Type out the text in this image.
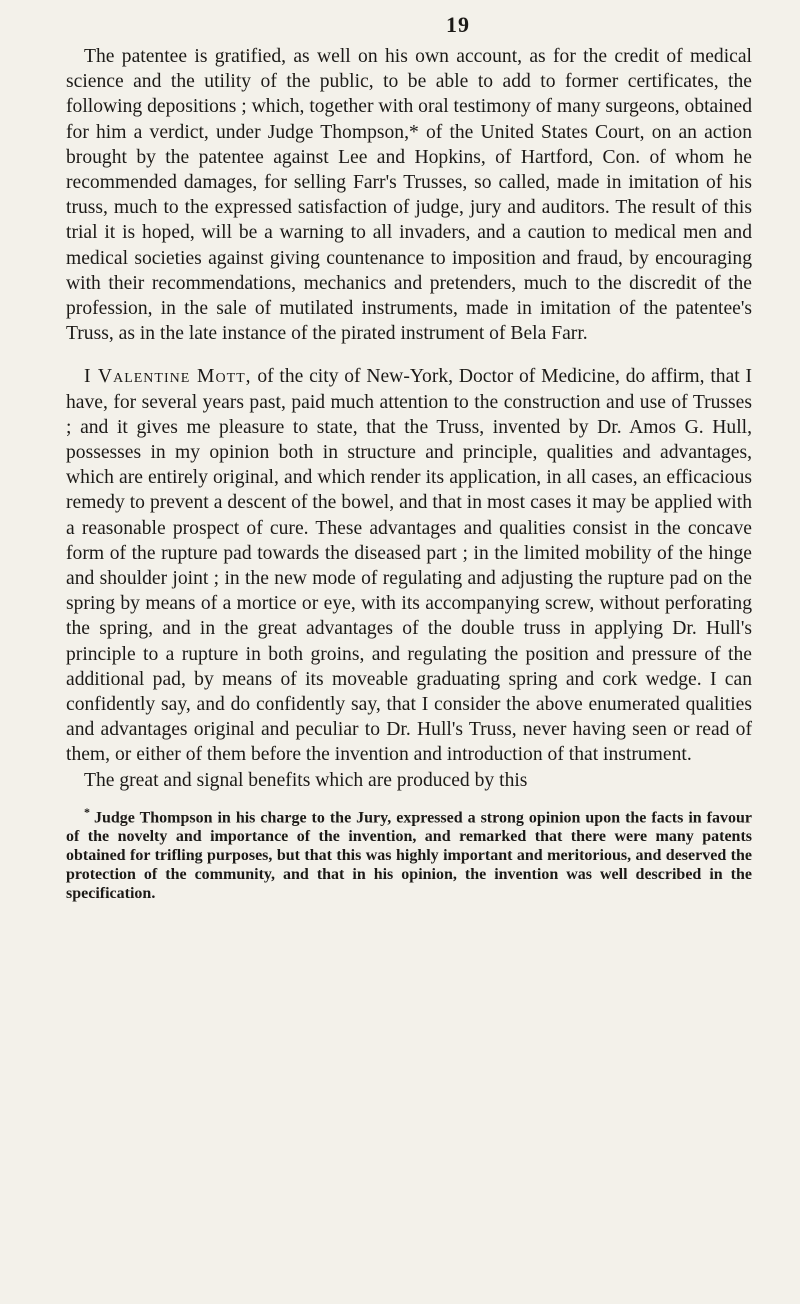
19

The patentee is gratified, as well on his own account, as for the credit of medical science and the utility of the public, to be able to add to former certificates, the following depositions ; which, together with oral testimony of many surgeons, obtained for him a verdict, under Judge Thompson,* of the United States Court, on an action brought by the patentee against Lee and Hopkins, of Hartford, Con. of whom he recommended damages, for selling Farr's Trusses, so called, made in imitation of his truss, much to the expressed satisfaction of judge, jury and auditors. The result of this trial it is hoped, will be a warning to all invaders, and a caution to medical men and medical societies against giving countenance to imposition and fraud, by encouraging with their recommendations, mechanics and pretenders, much to the discredit of the profession, in the sale of mutilated instruments, made in imitation of the patentee's Truss, as in the late instance of the pirated instrument of Bela Farr.

I Valentine Mott, of the city of New-York, Doctor of Medicine, do affirm, that I have, for several years past, paid much attention to the construction and use of Trusses ; and it gives me pleasure to state, that the Truss, invented by Dr. Amos G. Hull, possesses in my opinion both in structure and principle, qualities and advantages, which are entirely original, and which render its application, in all cases, an efficacious remedy to prevent a descent of the bowel, and that in most cases it may be applied with a reasonable prospect of cure. These advantages and qualities consist in the concave form of the rupture pad towards the diseased part ; in the limited mobility of the hinge and shoulder joint ; in the new mode of regulating and adjusting the rupture pad on the spring by means of a mortice or eye, with its accompanying screw, without perforating the spring, and in the great advantages of the double truss in applying Dr. Hull's principle to a rupture in both groins, and regulating the position and pressure of the additional pad, by means of its moveable graduating spring and cork wedge. I can confidently say, and do confidently say, that I consider the above enumerated qualities and advantages original and peculiar to Dr. Hull's Truss, never having seen or read of them, or either of them before the invention and introduction of that instrument.

The great and signal benefits which are produced by this

* Judge Thompson in his charge to the Jury, expressed a strong opinion upon the facts in favour of the novelty and importance of the invention, and remarked that there were many patents obtained for trifling purposes, but that this was highly important and meritorious, and deserved the protection of the community, and that in his opinion, the invention was well described in the specification.
